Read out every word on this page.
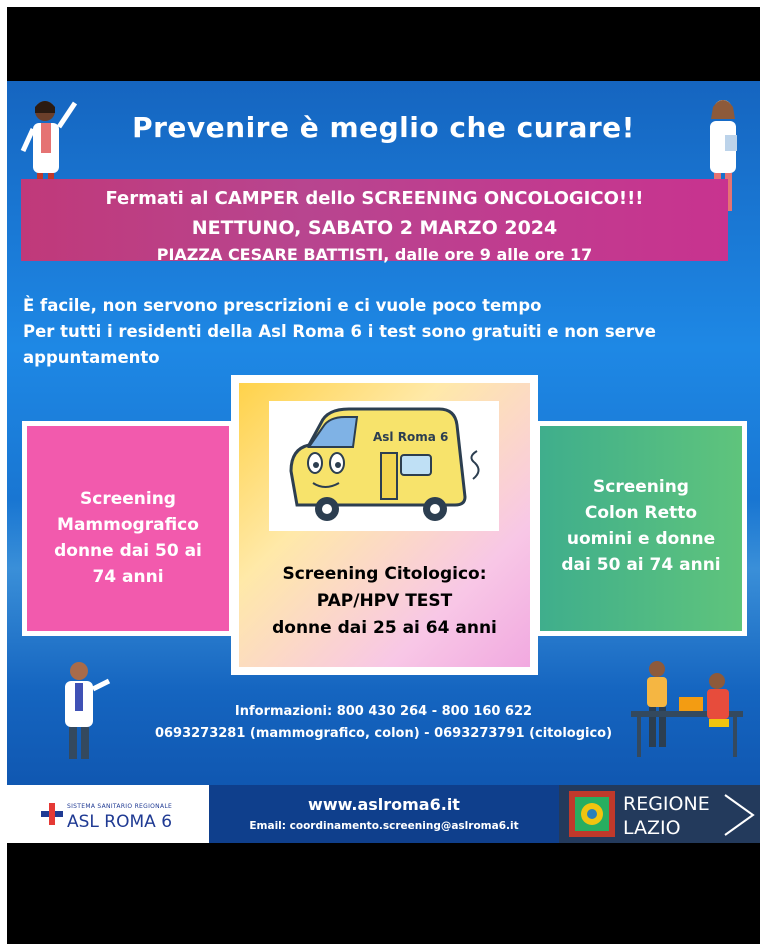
Prevenire è meglio che curare!
Fermati al CAMPER dello SCREENING ONCOLOGICO!!!
NETTUNO, SABATO 2 MARZO 2024
PIAZZA CESARE BATTISTI, dalle ore 9 alle ore 17

È facile, non servono prescrizioni e ci vuole poco tempo

Per tutti i residenti della Asl Roma 6 i test sono gratuiti e non serve appuntamento

Screening
Mammografico
donne dai 50 ai
74 anni
Screening
Colon Retto
uomini e donne
dai 50 ai 74 anni
Asl Roma 6
Screening Citologico:
PAP/HPV TEST
donne dai 25 ai 64 anni
Informazioni: 800 430 264 - 800 160 622
0693273281 (mammografico, colon) - 0693273791 (citologico)
SISTEMA SANITARIO REGIONALE
ASL ROMA 6
www.aslroma6.it
Email: coordinamento.screening@aslroma6.it
REGIONE
LAZIO
